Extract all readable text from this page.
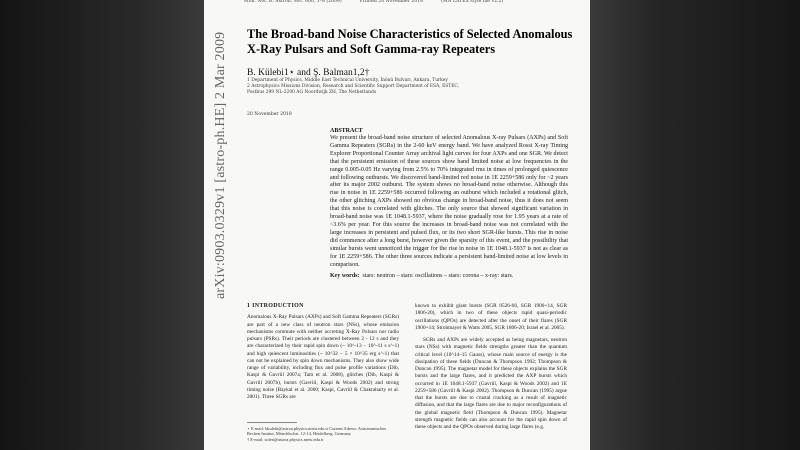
Mon. Not. R. Astron. Soc. 000, 1–8 (2009)	Printed 20 November 2018	(MN LATEX style file v2.2)
arXiv:0903.0329v1 [astro-ph.HE] 2 Mar 2009 The Broad-band Noise Characteristics of Selected Anomalous X-Ray Pulsars and Soft Gamma-ray Repeaters
B. Külebi1⋆ and Ş. Balman1,2†
1 Department of Physics, Middle East Technical University, İnönü Bulvarı, Ankara, Turkey
2 Astrophysics Missions Division, Research and Scientific Support Department of ESA, ESTEC,
Postbus 299 NL-2200 AG Noordwijk ZH, The Netherlands
20 November 2018
ABSTRACT
We present the broad-band noise structure of selected Anomalous X-ray Pulsars (AXPs) and Soft Gamma Repeaters (SGRs) in the 2-60 keV energy band. We have analyzed Rossi X-ray Timing Explorer Proportional Counter Array archival light curves for four AXPs and one SGR. We detect that the persistent emission of these sources show band limited noise at low frequencies in the range 0.005-0.05 Hz varying from 2.5% to 70% integrated rms in times of prolonged quiescence and following outbursts. We discovered band-limited red noise in 1E 2259+586 only for ~2 years after its major 2002 outburst. The system shows no broad-band noise otherwise. Although this rise in noise in 1E 2259+586 occurred following an outburst which included a rotational glitch, the other glitching AXPs showed no obvious change in broad-band noise, thus it does not seem that this noise is correlated with glitches. The only source that showed significant variation in broad-band noise was 1E 1048.1-5937, where the noise gradually rose for 1.95 years at a rate of ~3.6% per year. For this source the increases in broad-band noise was not correlated with the large increases in persistent and pulsed flux, or its two short SGR-like bursts. This rise in noise did commence after a long burst, however given the sparsity of this event, and the possibility that similar bursts went unnoticed the trigger for the rise in noise in 1E 1048.1-5937 is not as clear as for 1E 2259+586. The other three sources indicate a persistent band-limited noise at low levels in comparison.
Key words: stars: neutron – stars: oscillations – stars: corona – x-ray: stars.
1 INTRODUCTION

Anomalous X-Ray Pulsars (AXPs) and Soft Gamma Repeaters (SGRs) are part of a new class of neutron stars (NSs), whose emission mechanisms commute with neither accreting X-Ray Pulsars nor radio pulsars (PSRs). Their periods are clustered between 2 - 12 s and they are characterized by their rapid spin down (~ 10^-13 − 10^-11 s s^-1) and high quiescent luminosities (~ 10^32 − 5 × 10^35 erg s^-1) that can not be explained by spin down mechanisms. They also show wide range of variability, including flux and pulse profile variations (Dib, Kaspi & Gavriil 2007a; Tam et al. 2008), glitches (Dib, Kaspi & Gavriil 2007b), bursts (Gavriil, Kaspi & Woods 2002) and strong timing noise (Baykal et al. 2000; Kaspi, Gavriil & Chakrabarty et al. 2001). Three SGRs are

known to exhibit giant bursts (SGR 0526-66, SGR 1900+14, SGR 1806-20), which in two of these objects rapid quasi-periodic oscillations (QPOs) are detected after the onset of their flares (SGR 1900+14; Strohmayer & Watts 2005, SGR 1806-20; Israel et al. 2005).

SGRs and AXPs are widely accepted as being magnetars, neutron stars (NSs) with magnetic fields strengths greater than the quantum critical level (10^14–15 Gauss), whose main source of energy is the dissipation of these fields (Duncan & Thompson 1992; Thompson & Duncan 1995). The magnetar model for these objects explains the SGR bursts and the large flares, and it predicted the AXP bursts which occurred in 1E 1048.1-5937 (Gavriil, Kaspi & Woods 2002) and 1E 2259+586 (Gavriil & Kaspi 2002). Thompson & Duncan (1995) argue that the bursts are due to crustal cracking as a result of magnetic diffusion, and that the large flares are due to major reconfigurations of the global magnetic field (Thompson & Duncan 1995). Magnetar strength magnetic fields can also account for the rapid spin down of these objects and the QPOs observed during large flares (e.g.

⋆ E-mail: bkulebi@astroa.physics.metu.edu.tr Current Adress: Astronomisches Rechen Institut, Mönchhofstr. 12-14, Heidelberg, Germany
† E-mail: solen@astroa.physics.metu.edu.tr
